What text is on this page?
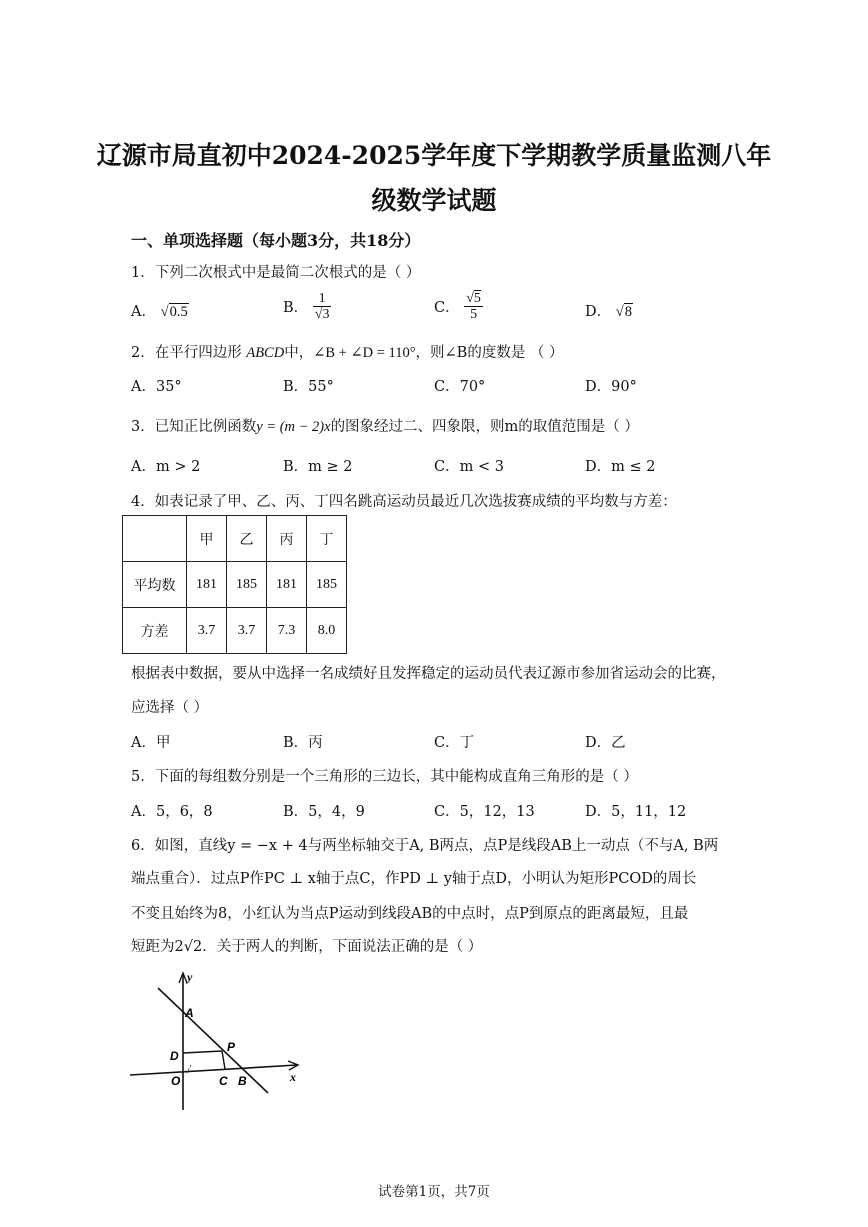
辽源市局直初中2024-2025学年度下学期教学质量监测八年
级数学试题
一、单项选择题（每小题3分，共18分）
1．下列二次根式中是最简二次根式的是（ ）
A． √0.5	B． $\frac{1}{√3}$	C． $\frac{√5}{5}$	D． √8
2．在平行四边形 ABCD中，∠B + ∠D = 110°，则∠B的度数是 （ ）
A．35°	B．55°	C．70°	D．90°
3．已知正比例函数y = (m − 2)x的图象经过二、四象限，则m的取值范围是（ ）
A．m > 2	B．m ≥ 2	C．m < 3	D．m ≤ 2
4．如表记录了甲、乙、丙、丁四名跳高运动员最近几次选拔赛成绩的平均数与方差：
	甲	乙	丙	丁
平均数	181	185	181	185
方差	3.7	3.7	7.3	8.0
根据表中数据，要从中选择一名成绩好且发挥稳定的运动员代表辽源市参加省运动会的比赛，
应选择（ ）
A．甲	B．丙	C．丁	D．乙
5．下面的每组数分别是一个三角形的三边长，其中能构成直角三角形的是（ ）
A．5，6，8	B．5，4，9	C．5，12，13	D．5，11，12
6．如图，直线y = −x + 4与两坐标轴交于A, B两点，点P是线段AB上一动点（不与A, B两
端点重合）．过点P作PC ⊥ x轴于点C，作PD ⊥ y轴于点D，小明认为矩形PCOD的周长
不变且始终为8，小红认为当点P运动到线段AB的中点时，点P到原点的距离最短，且最
短距为2√2．关于两人的判断，下面说法正确的是（ ）
y
x
A
P
D
O	C B
试卷第1页，共7页
